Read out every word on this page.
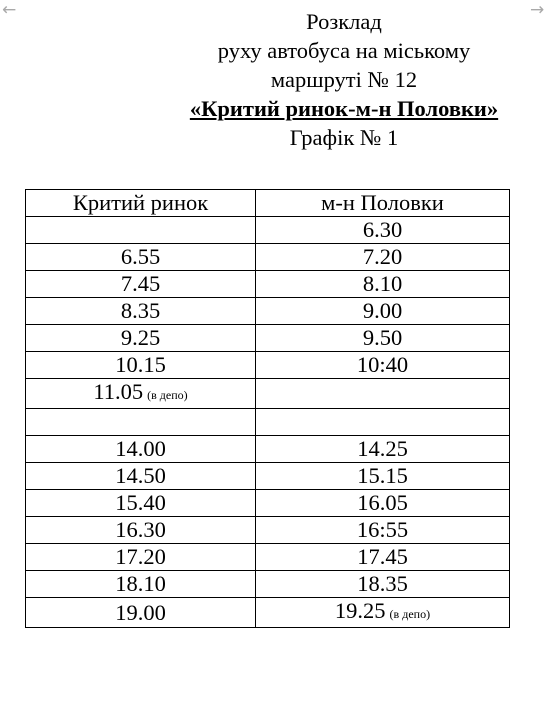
←	→
Розклад
руху автобуса на міському
маршруті № 12
«Критий ринок-м-н Половки»
Графік № 1
Критий ринок	м-н Половки
	6.30
6.55	7.20
7.45	8.10
8.35	9.00
9.25	9.50
10.15	10:40
11.05 (в депо)	

14.00	14.25
14.50	15.15
15.40	16.05
16.30	16:55
17.20	17.45
18.10	18.35
19.00	19.25 (в депо)
